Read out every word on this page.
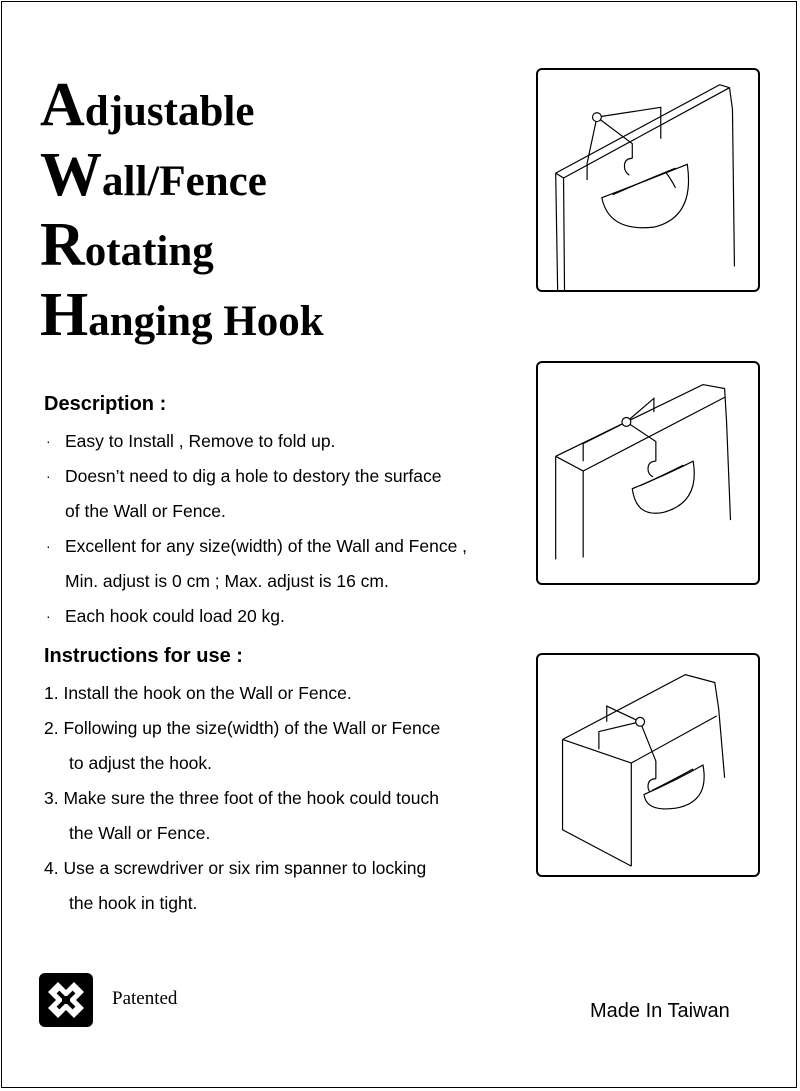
Adjustable
Wall/Fence
Rotating
Hanging Hook
Description :
· Easy to Install , Remove to fold up.
· Doesn’t need to dig a hole to destory the surface
of the Wall or Fence.
· Excellent for any size(width) of the Wall and Fence ,
Min. adjust is 0 cm ; Max. adjust is 16 cm.
· Each hook could load 20 kg.
Instructions for use :
1. Install the hook on the Wall or Fence.
2. Following up the size(width) of the Wall or Fence
to adjust the hook.
3. Make sure the three foot of the hook could touch
the Wall or Fence.
4. Use a screwdriver or six rim spanner to locking
the hook in tight.
Patented
Made In Taiwan
